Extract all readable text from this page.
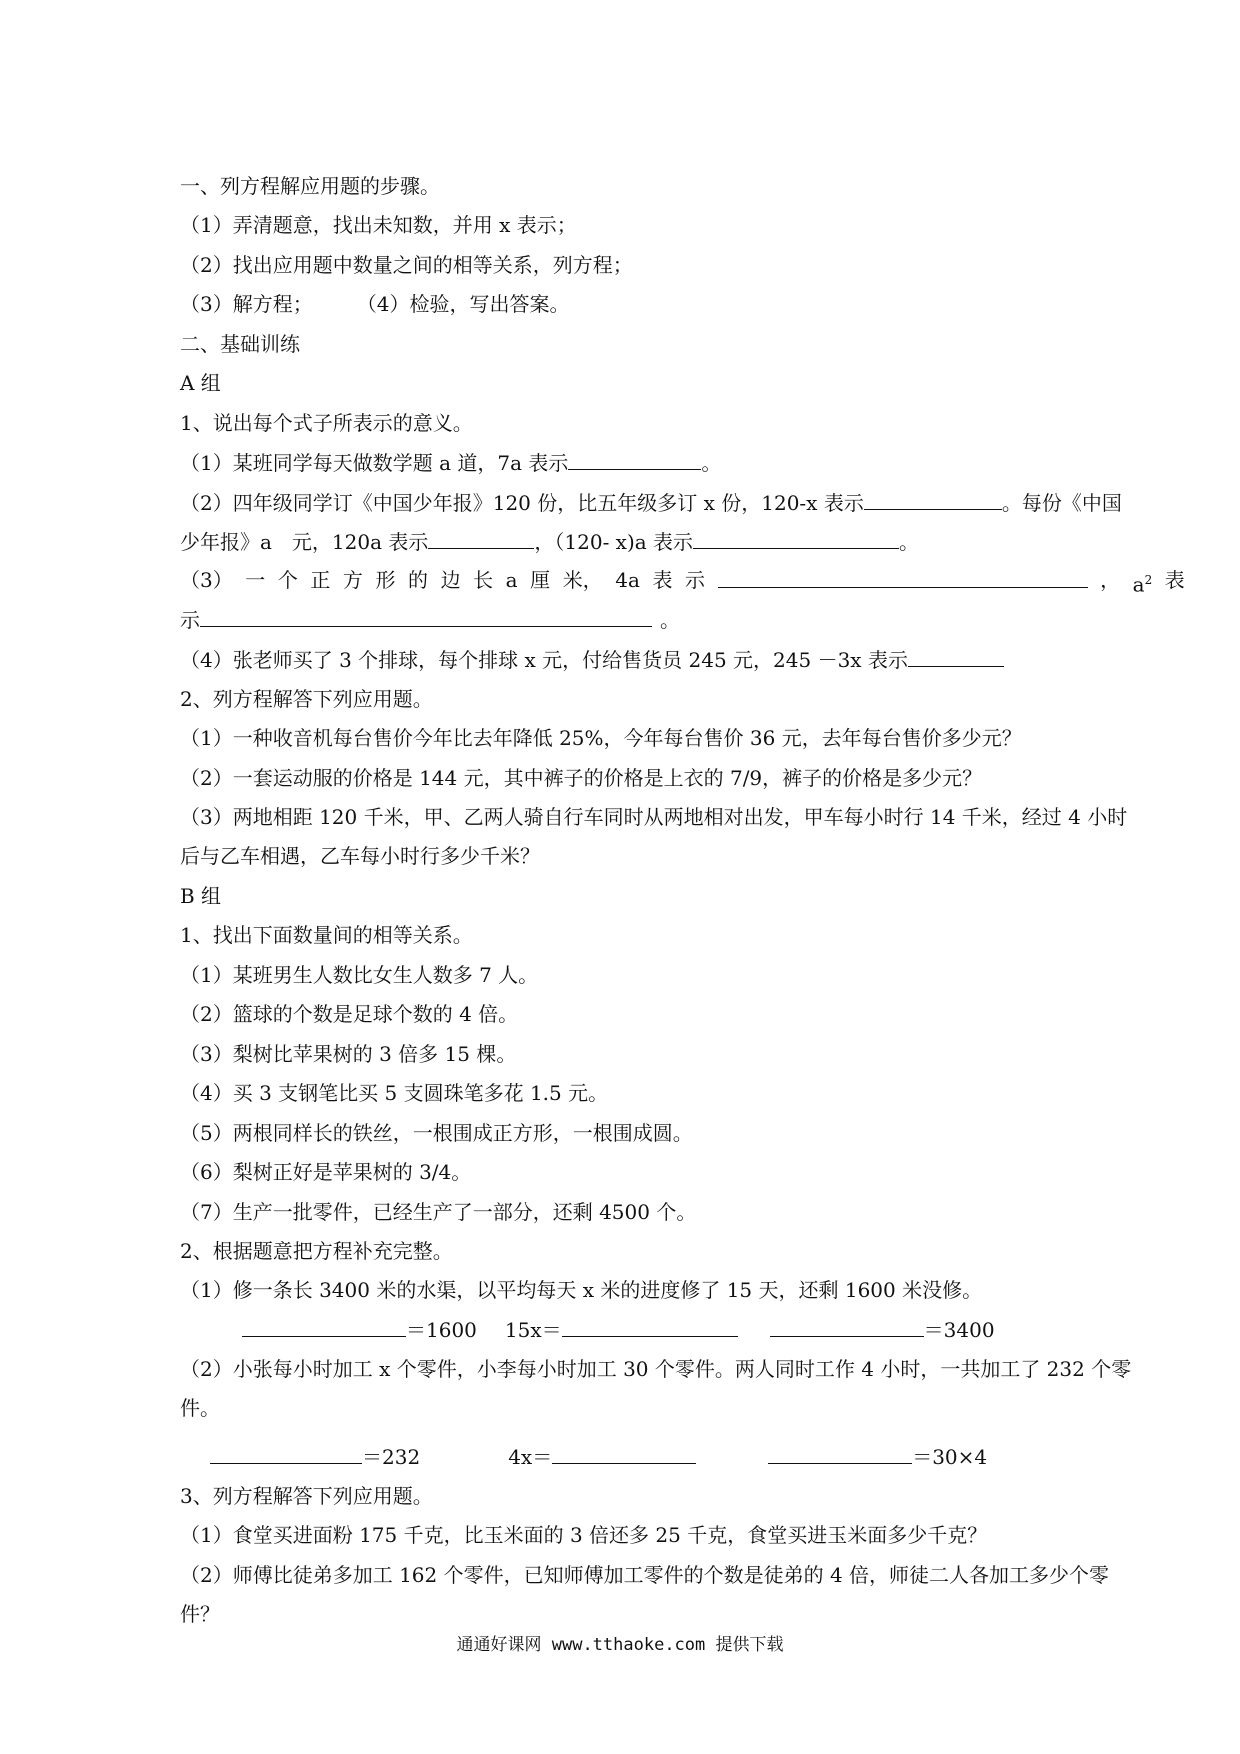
一、列方程解应用题的步骤。
（1）弄清题意，找出未知数，并用 x 表示；
（2）找出应用题中数量之间的相等关系，列方程；
（3）解方程； （4）检验，写出答案。
二、基础训练
A 组
1、说出每个式子所表示的意义。
（1）某班同学每天做数学题 a 道，7a 表示	。
（2）四年级同学订《中国少年报》120 份，比五年级多订 x 份，120-x 表示	。每份《中国
少年报》a　元，120a 表示	，（120- x)a 表示	。
（3） 一 个 正 方 形 的 边 长 a 厘 米， 4a 表 示	， $a^2$ 表
示	。
（4）张老师买了 3 个排球，每个排球 x 元，付给售货员 245 元，245 －3x 表示
2、列方程解答下列应用题。
（1）一种收音机每台售价今年比去年降低 25%，今年每台售价 36 元，去年每台售价多少元？
（2）一套运动服的价格是 144 元，其中裤子的价格是上衣的 7/9，裤子的价格是多少元？
（3）两地相距 120 千米，甲、乙两人骑自行车同时从两地相对出发，甲车每小时行 14 千米，经过 4 小时
后与乙车相遇，乙车每小时行多少千米？
B 组
1、找出下面数量间的相等关系。
（1）某班男生人数比女生人数多 7 人。
（2）篮球的个数是足球个数的 4 倍。
（3）梨树比苹果树的 3 倍多 15 棵。
（4）买 3 支钢笔比买 5 支圆珠笔多花 1.5 元。
（5）两根同样长的铁丝，一根围成正方形，一根围成圆。
（6）梨树正好是苹果树的 3/4。
（7）生产一批零件，已经生产了一部分，还剩 4500 个。
2、根据题意把方程补充完整。
（1）修一条长 3400 米的水渠，以平均每天 x 米的进度修了 15 天，还剩 1600 米没修。
＝1600 15x＝	＝3400
（2）小张每小时加工 x 个零件，小李每小时加工 30 个零件。两人同时工作 4 小时，一共加工了 232 个零
件。
＝232	4x＝	＝30×4
3、列方程解答下列应用题。
（1）食堂买进面粉 175 千克，比玉米面的 3 倍还多 25 千克，食堂买进玉米面多少千克？
（2）师傅比徒弟多加工 162 个零件，已知师傅加工零件的个数是徒弟的 4 倍，师徒二人各加工多少个零
件？
通通好课网 www.tthaoke.com 提供下载
